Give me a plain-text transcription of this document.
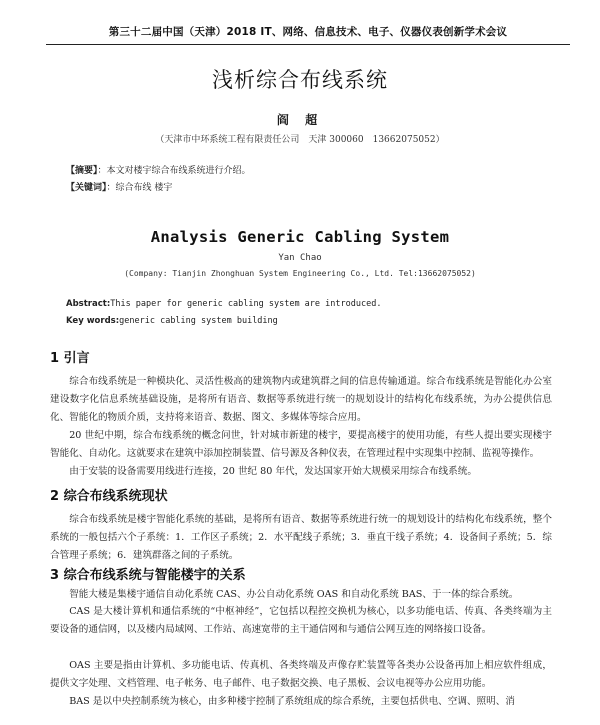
第三十二届中国（天津）2018 IT、网络、信息技术、电子、仪器仪表创新学术会议
浅析综合布线系统
阎 超
（天津市中环系统工程有限责任公司　天津 300060　13662075052）
【摘要】：本文对楼宇综合布线系统进行介绍。
【关键词】：综合布线 楼宇
Analysis Generic Cabling System
Yan Chao
(Company: Tianjin Zhonghuan System Engineering Co., Ltd. Tel:13662075052)
Abstract:This paper for generic cabling system are introduced.
Key words:generic cabling system building
1 引言
综合布线系统是一种模块化、灵活性极高的建筑物内或建筑群之间的信息传输通道。综合布线系统是智能化办公室建设数字化信息系统基础设施，是将所有语音、数据等系统进行统一的规划设计的结构化布线系统，为办公提供信息化、智能化的物质介质，支持将来语音、数据、图文、多媒体等综合应用。
20 世纪中期，综合布线系统的概念问世，针对城市新建的楼宇，要提高楼宇的使用功能，有些人提出要实现楼宇智能化、自动化。这就要求在建筑中添加控制装置、信号源及各种仪表，在管理过程中实现集中控制、监视等操作。
由于安装的设备需要用线进行连接，20 世纪 80 年代，发达国家开始大规模采用综合布线系统。
2 综合布线系统现状
综合布线系统是楼宇智能化系统的基础，是将所有语音、数据等系统进行统一的规划设计的结构化布线系统，整个系统的一般包括六个子系统：1．工作区子系统；2．水平配线子系统；3．垂直干线子系统；4．设备间子系统；5．综合管理子系统；6．建筑群落之间的子系统。
3 综合布线系统与智能楼宇的关系
智能大楼是集楼宇通信自动化系统 CAS、办公自动化系统 OAS 和自动化系统 BAS、于一体的综合系统。
CAS 是大楼计算机和通信系统的“中枢神经”，它包括以程控交换机为核心，以多功能电话、传真、各类终端为主要设备的通信网，以及楼内局域网、工作站、高速宽带的主干通信网和与通信公网互连的网络接口设备。
OAS 主要是指由计算机、多功能电话、传真机、各类终端及声像存贮装置等各类办公设备再加上相应软件组成，提供文字处理、文档管理、电子帐务、电子邮件、电子数据交换、电子黑板、会议电视等办公应用功能。
BAS 是以中央控制系统为核心，由多种楼宇控制了系统组成的综合系统，主要包括供电、空调、照明、消
